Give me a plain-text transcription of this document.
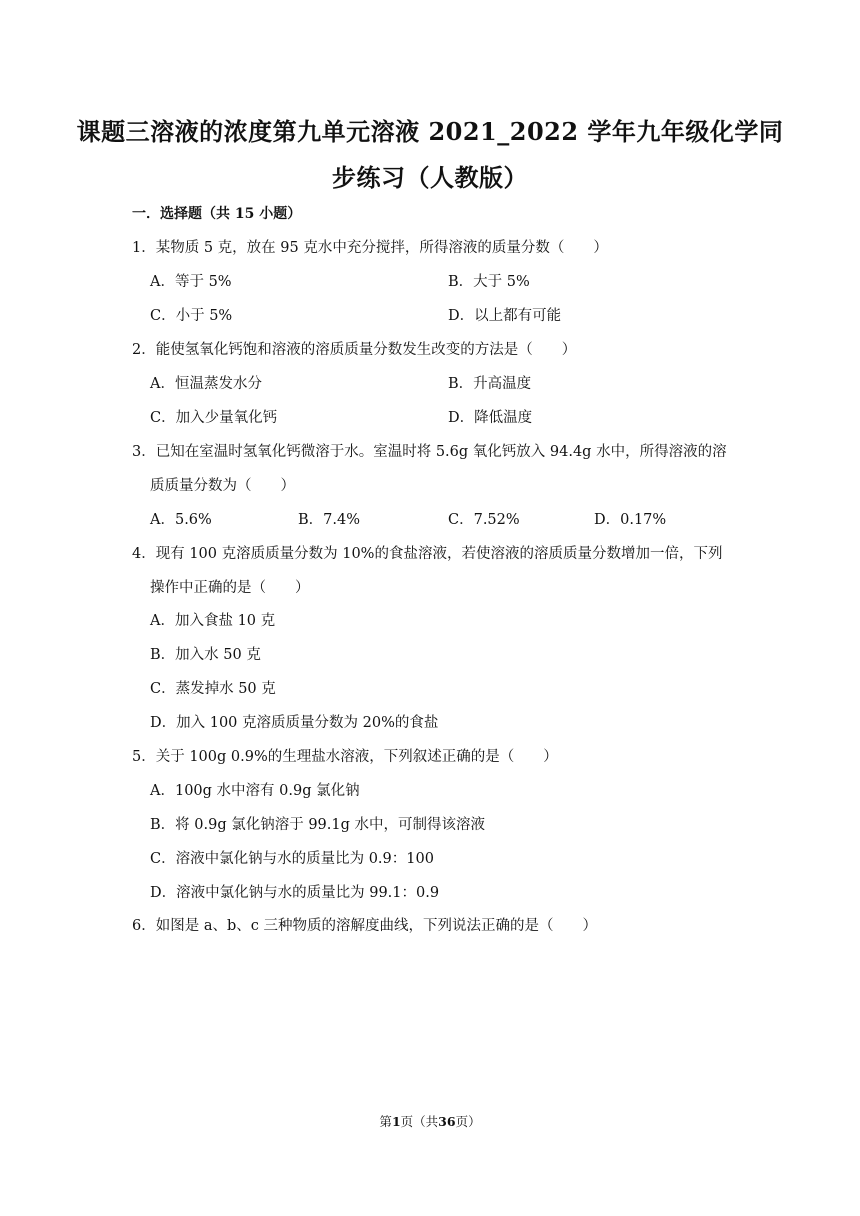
课题三溶液的浓度第九单元溶液 2021_2022 学年九年级化学同
步练习（人教版）
一．选择题（共 15 小题）
1．某物质 5 克，放在 95 克水中充分搅拌，所得溶液的质量分数（　　）
A．等于 5%	B．大于 5%
C．小于 5%	D．以上都有可能
2．能使氢氧化钙饱和溶液的溶质质量分数发生改变的方法是（　　）
A．恒温蒸发水分	B．升高温度
C．加入少量氧化钙	D．降低温度
3．已知在室温时氢氧化钙微溶于水。室温时将 5.6g 氧化钙放入 94.4g 水中，所得溶液的溶
质质量分数为（　　）
A．5.6%	B．7.4%	C．7.52%	D．0.17%
4．现有 100 克溶质质量分数为 10%的食盐溶液，若使溶液的溶质质量分数增加一倍，下列
操作中正确的是（　　）
A．加入食盐 10 克
B．加入水 50 克
C．蒸发掉水 50 克
D．加入 100 克溶质质量分数为 20%的食盐
5．关于 100g 0.9%的生理盐水溶液，下列叙述正确的是（　　）
A．100g 水中溶有 0.9g 氯化钠
B．将 0.9g 氯化钠溶于 99.1g 水中，可制得该溶液
C．溶液中氯化钠与水的质量比为 0.9：100
D．溶液中氯化钠与水的质量比为 99.1：0.9
6．如图是 a、b、c 三种物质的溶解度曲线，下列说法正确的是（　　）
第1页（共36页）
